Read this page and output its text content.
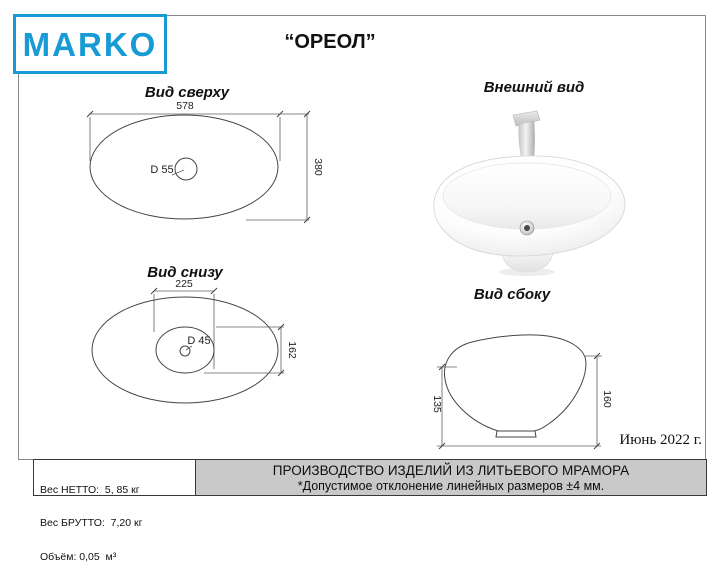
MARKO	“ОРЕОЛ”
Вид сверху
578
D 55	380
Вид снизу
225
D 45
162
Внешний вид
Вид сбоку
135	160
Июнь 2022 г.

Вес НЕТТО:  5, 85 кг

Вес БРУТТО:  7,20 кг

Объём: 0,05  м³

ПРОИЗВОДСТВО ИЗДЕЛИЙ ИЗ ЛИТЬЕВОГО МРАМОРА
*Допустимое отклонение линейных размеров ±4 мм.
